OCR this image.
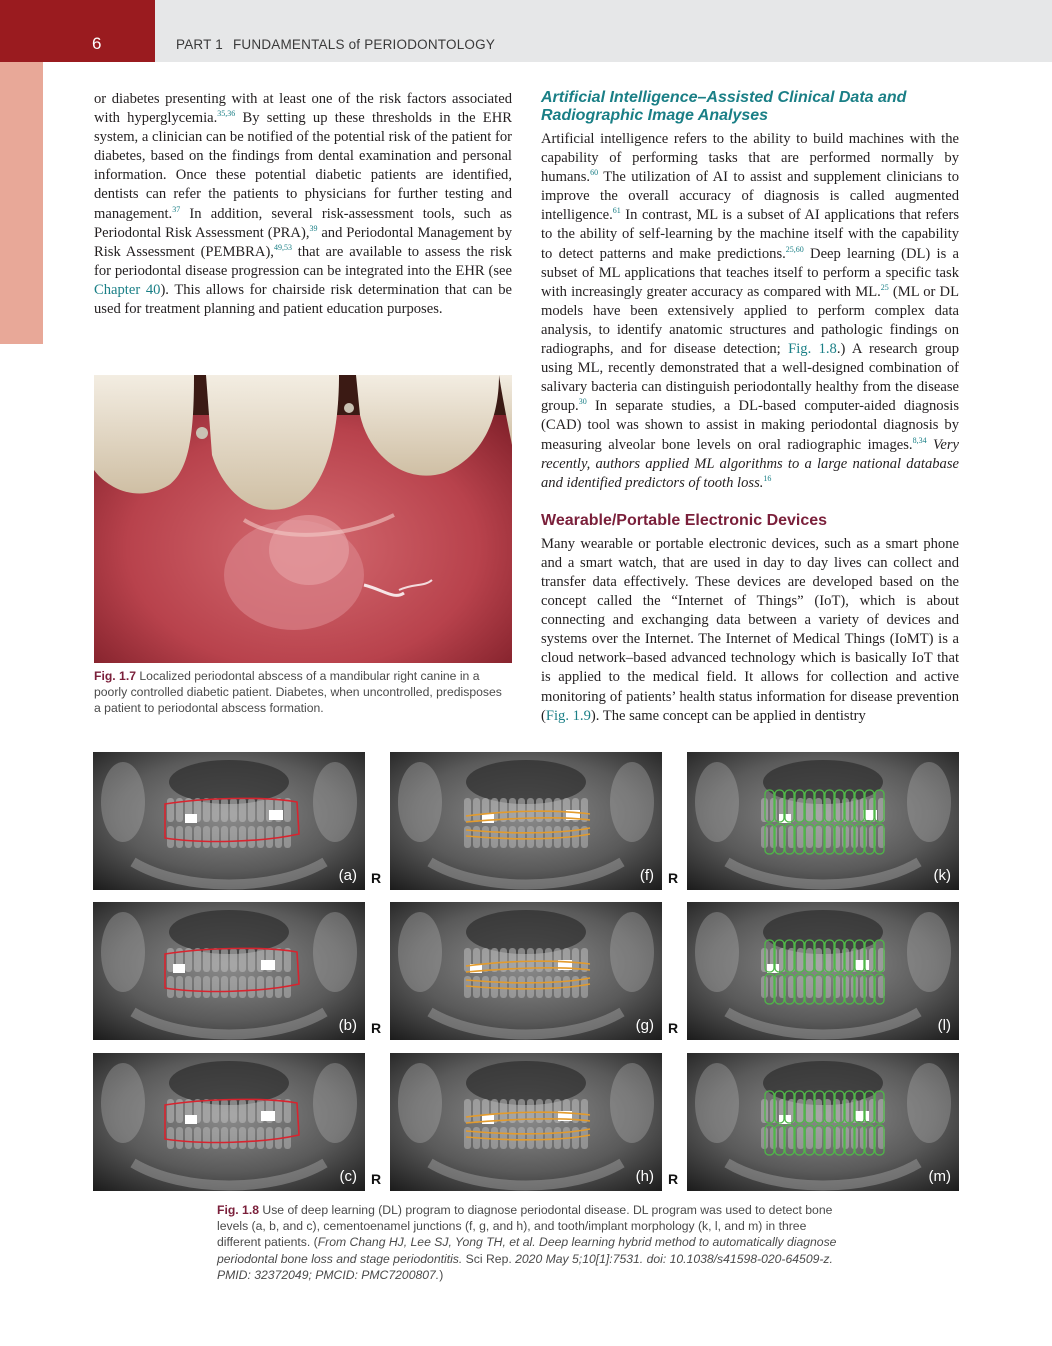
6	PART 1 FUNDAMENTALS of PERIODONTOLOGY

or diabetes presenting with at least one of the risk factors associated with hyperglycemia.$^{35,36}$ By setting up these thresholds in the EHR system, a clinician can be notified of the potential risk of the patient for diabetes, based on the findings from dental examination and personal information. Once these potential diabetic patients are identified, dentists can refer the patients to physicians for further testing and management.$^{37}$ In addition, several risk-assessment tools, such as Periodontal Risk Assessment (PRA),$^{39}$ and Periodontal Management by Risk Assessment (PEMBRA),$^{49,53}$ that are available to assess the risk for periodontal disease progression can be integrated into the EHR (see Chapter 40). This allows for chairside risk determination that can be used for treatment planning and patient education purposes.

Fig. 1.7 Localized periodontal abscess of a mandibular right canine in a poorly controlled diabetic patient. Diabetes, when uncontrolled, predisposes a patient to periodontal abscess formation.
Artificial Intelligence–Assisted Clinical Data and Radiographic Image Analyses

Artificial intelligence refers to the ability to build machines with the capability of performing tasks that are performed normally by humans.$^{60}$ The utilization of AI to assist and supplement clinicians to improve the overall accuracy of diagnosis is called augmented intelligence.$^{61}$ In contrast, ML is a subset of AI applications that refers to the ability of self-learning by the machine itself with the capability to detect patterns and make predictions.$^{25,60}$ Deep learning (DL) is a subset of ML applications that teaches itself to perform a specific task with increasingly greater accuracy as compared with ML.$^{25}$ (ML or DL models have been extensively applied to perform complex data analysis, to identify anatomic structures and pathologic findings on radiographs, and for disease detection; Fig. 1.8.) A research group using ML, recently demonstrated that a well-designed combination of salivary bacteria can distinguish periodontally healthy from the disease group.$^{30}$ In separate studies, a DL-based computer-aided diagnosis (CAD) tool was shown to assist in making periodontal diagnosis by measuring alveolar bone levels on oral radiographic images.$^{8,34}$ Very recently, authors applied ML algorithms to a large national database and identified predictors of tooth loss.$^{16}$

Wearable/Portable Electronic Devices

Many wearable or portable electronic devices, such as a smart phone and a smart watch, that are used in day to day lives can collect and transfer data effectively. These devices are developed based on the concept called the “Internet of Things” (IoT), which is about connecting and exchanging data between a variety of devices and systems over the Internet. The Internet of Medical Things (IoMT) is a cloud network–based advanced technology which is basically IoT that is applied to the medical field. It allows for collection and active monitoring of patients’ health status information for disease prevention (Fig. 1.9). The same concept can be applied in dentistry

(a) R	(f) R	(k)
(b) R	(g) R	(l)
(c) R	(h) R	(m)
Fig. 1.8 Use of deep learning (DL) program to diagnose periodontal disease. DL program was used to detect bone levels (a, b, and c), cementoenamel junctions (f, g, and h), and tooth/implant morphology (k, l, and m) in three different patients. (From Chang HJ, Lee SJ, Yong TH, et al. Deep learning hybrid method to automatically diagnose periodontal bone loss and stage periodontitis. Sci Rep. 2020 May 5;10[1]:7531. doi: 10.1038/s41598-020-64509-z. PMID: 32372049; PMCID: PMC7200807.)
